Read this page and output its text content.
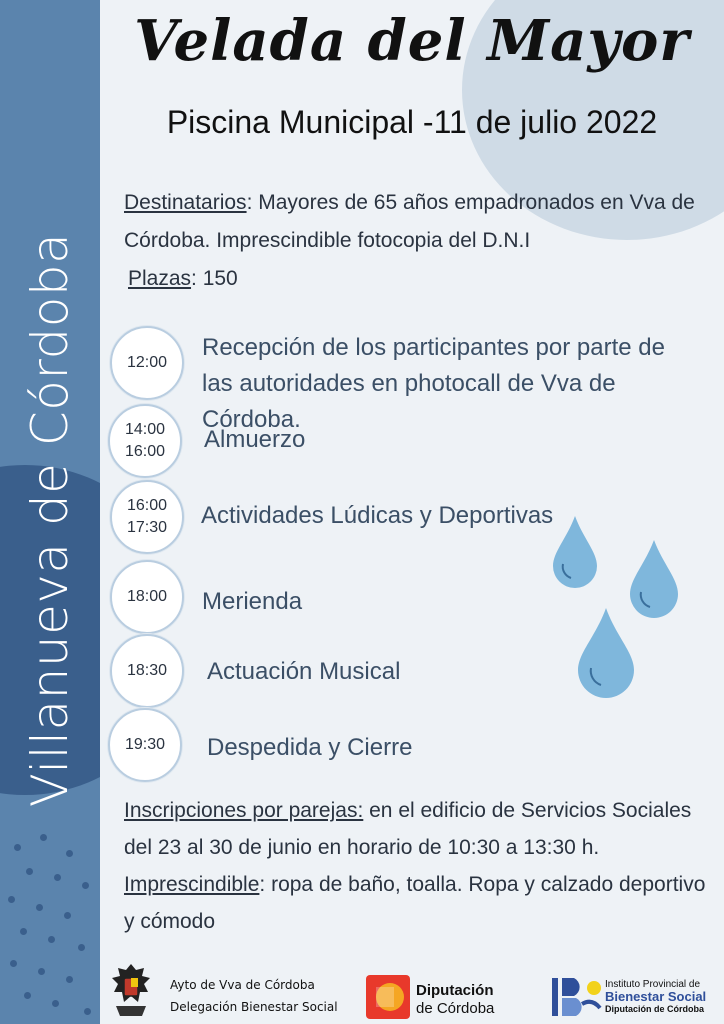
Villanueva de Córdoba
Velada del Mayor
Piscina Municipal -11 de julio 2022
Destinatarios: Mayores de 65 años empadronados en Vva de Córdoba. Imprescindible fotocopia del D.N.I
Plazas: 150
12:00
Recepción de los participantes por parte de las autoridades en photocall de Vva de Córdoba.
14:00
16:00 Almuerzo
16:00
17:30 Actividades Lúdicas y Deportivas
18:00 Merienda
18:30 Actuación Musical
19:30 Despedida y Cierre
Inscripciones por parejas: en el edificio de Servicios Sociales del 23 al 30 de junio en horario de 10:30 a 13:30 h.
Imprescindible: ropa de baño, toalla. Ropa y calzado deportivo y cómodo
Ayto de Vva de Córdoba
Delegación Bienestar Social
Diputación
de Córdoba
Instituto Provincial de
Bienestar Social
Diputación de Córdoba
